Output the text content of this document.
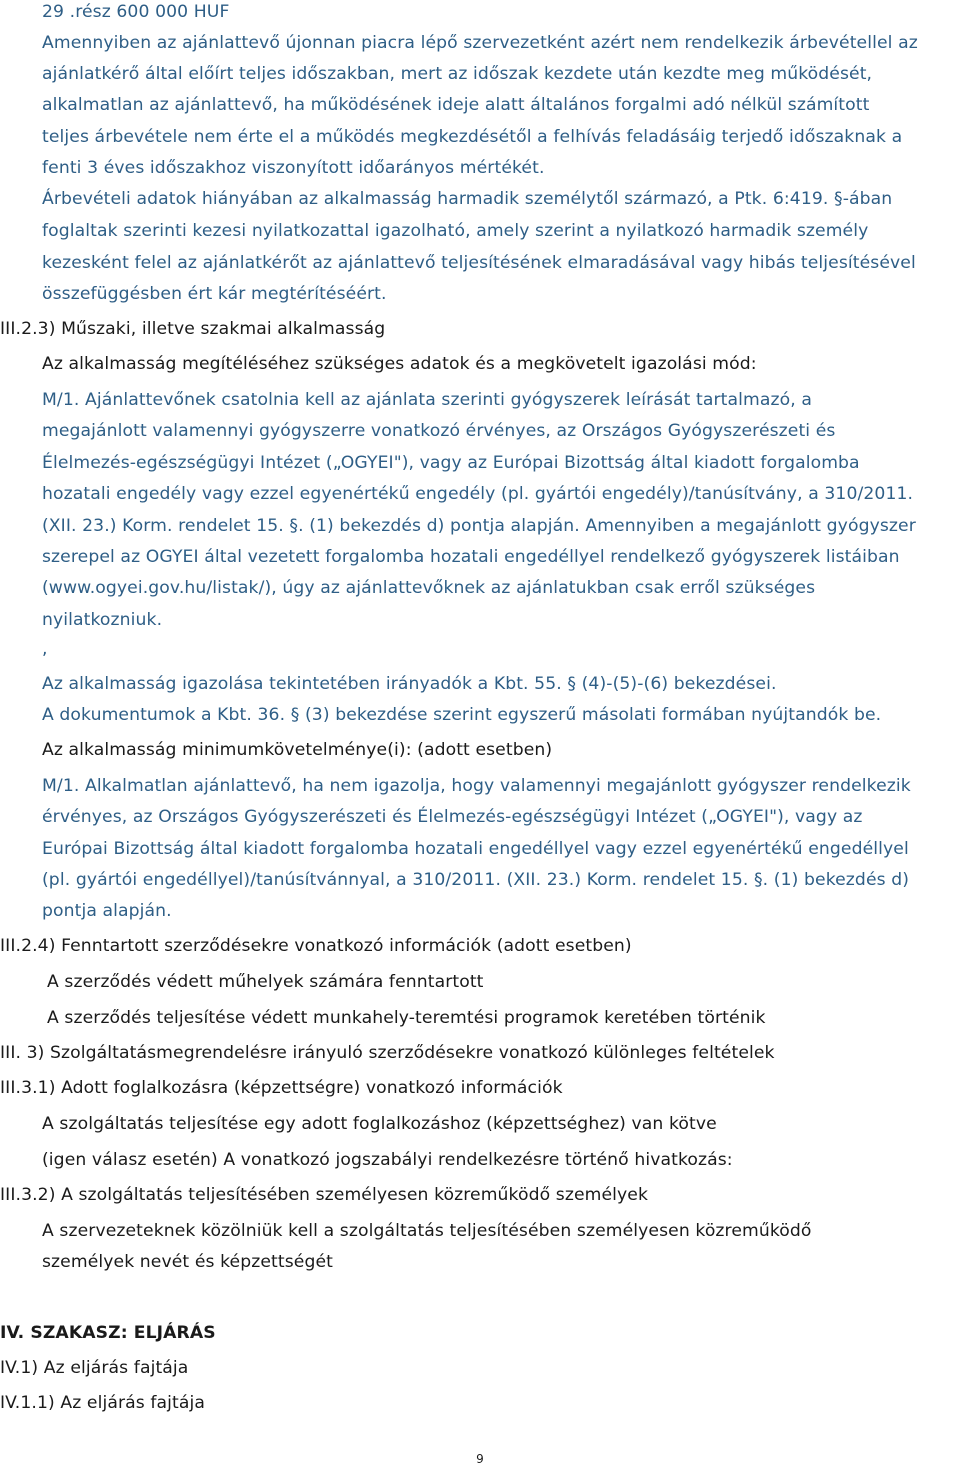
29 .rész 600 000 HUF
Amennyiben az ajánlattevő újonnan piacra lépő szervezetként azért nem rendelkezik árbevétellel az
ajánlatkérő által előírt teljes időszakban, mert az időszak kezdete után kezdte meg működését,
alkalmatlan az ajánlattevő, ha működésének ideje alatt általános forgalmi adó nélkül számított
teljes árbevétele nem érte el a működés megkezdésétől a felhívás feladásáig terjedő időszaknak a
fenti 3 éves időszakhoz viszonyított időarányos mértékét.
Árbevételi adatok hiányában az alkalmasság harmadik személytől származó, a Ptk. 6:419. §-ában
foglaltak szerinti kezesi nyilatkozattal igazolható, amely szerint a nyilatkozó harmadik személy
kezesként felel az ajánlatkérőt az ajánlattevő teljesítésének elmaradásával vagy hibás teljesítésével
összefüggésben ért kár megtérítéséért.
III.2.3) Műszaki, illetve szakmai alkalmasság
Az alkalmasság megítéléséhez szükséges adatok és a megkövetelt igazolási mód:
M/1. Ajánlattevőnek csatolnia kell az ajánlata szerinti gyógyszerek leírását tartalmazó, a
megajánlott valamennyi gyógyszerre vonatkozó érvényes, az Országos Gyógyszerészeti és
Élelmezés-egészségügyi Intézet („OGYEI"), vagy az Európai Bizottság által kiadott forgalomba
hozatali engedély vagy ezzel egyenértékű engedély (pl. gyártói engedély)/tanúsítvány, a 310/2011.
(XII. 23.) Korm. rendelet 15. §. (1) bekezdés d) pontja alapján. Amennyiben a megajánlott gyógyszer
szerepel az OGYEI által vezetett forgalomba hozatali engedéllyel rendelkező gyógyszerek listáiban
(www.ogyei.gov.hu/listak/), úgy az ajánlattevőknek az ajánlatukban csak erről szükséges
nyilatkozniuk.
,
Az alkalmasság igazolása tekintetében irányadók a Kbt. 55. § (4)-(5)-(6) bekezdései.
A dokumentumok a Kbt. 36. § (3) bekezdése szerint egyszerű másolati formában nyújtandók be.
Az alkalmasság minimumkövetelménye(i): (adott esetben)
M/1. Alkalmatlan ajánlattevő, ha nem igazolja, hogy valamennyi megajánlott gyógyszer rendelkezik
érvényes, az Országos Gyógyszerészeti és Élelmezés-egészségügyi Intézet („OGYEI"), vagy az
Európai Bizottság által kiadott forgalomba hozatali engedéllyel vagy ezzel egyenértékű engedéllyel
(pl. gyártói engedéllyel)/tanúsítvánnyal, a 310/2011. (XII. 23.) Korm. rendelet 15. §. (1) bekezdés d)
pontja alapján.
III.2.4) Fenntartott szerződésekre vonatkozó információk (adott esetben)
A szerződés védett műhelyek számára fenntartott
A szerződés teljesítése védett munkahely-teremtési programok keretében történik
III. 3) Szolgáltatásmegrendelésre irányuló szerződésekre vonatkozó különleges feltételek
III.3.1) Adott foglalkozásra (képzettségre) vonatkozó információk
A szolgáltatás teljesítése egy adott foglalkozáshoz (képzettséghez) van kötve
(igen válasz esetén) A vonatkozó jogszabályi rendelkezésre történő hivatkozás:
III.3.2) A szolgáltatás teljesítésében személyesen közreműködő személyek
A szervezeteknek közölniük kell a szolgáltatás teljesítésében személyesen közreműködő
személyek nevét és képzettségét
IV. SZAKASZ: ELJÁRÁS
IV.1) Az eljárás fajtája
IV.1.1) Az eljárás fajtája
9
